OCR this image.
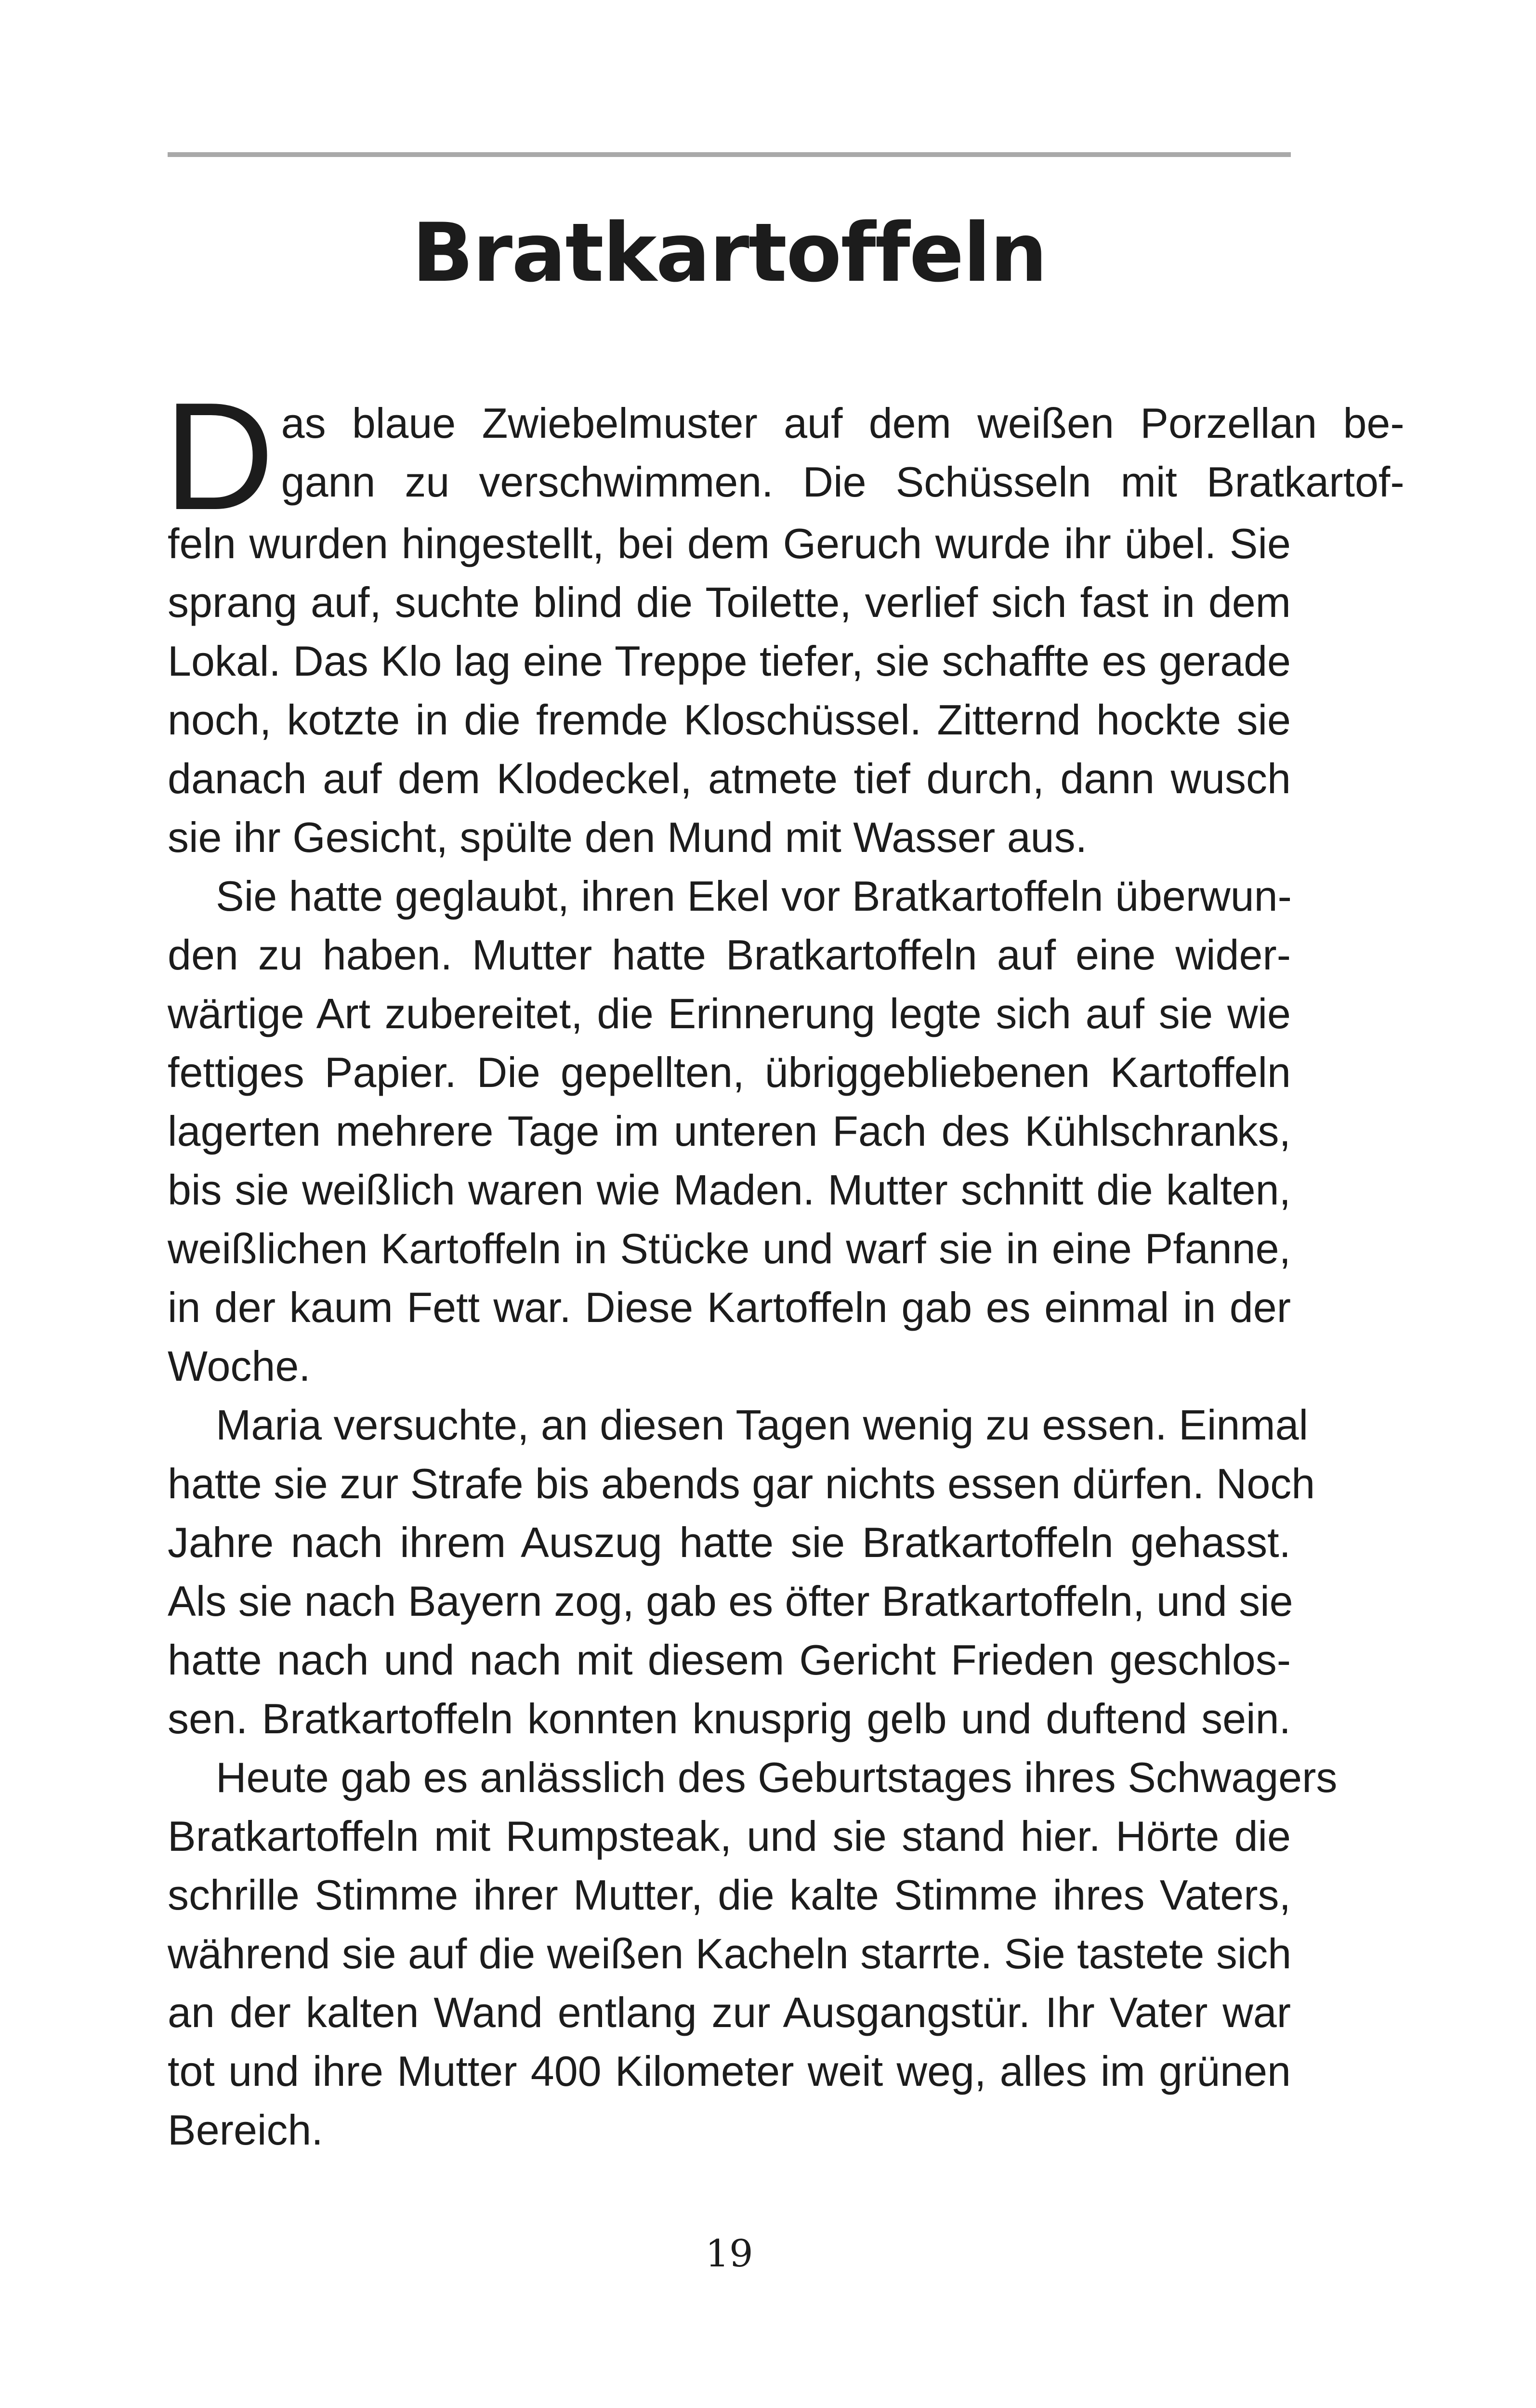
Bratkartoffeln
D as blaue Zwiebelmuster auf dem weißen Porzellan be-
gann zu verschwimmen. Die Schüsseln mit Bratkartof-
feln wurden hingestellt, bei dem Geruch wurde ihr übel. Sie
sprang auf, suchte blind die Toilette, verlief sich fast in dem
Lokal. Das Klo lag eine Treppe tiefer, sie schaffte es gerade
noch, kotzte in die fremde Kloschüssel. Zitternd hockte sie
danach auf dem Klodeckel, atmete tief durch, dann wusch
sie ihr Gesicht, spülte den Mund mit Wasser aus.
Sie hatte geglaubt, ihren Ekel vor Bratkartoffeln überwun-
den zu haben. Mutter hatte Bratkartoffeln auf eine wider-
wärtige Art zubereitet, die Erinnerung legte sich auf sie wie
fettiges Papier. Die gepellten, übriggebliebenen Kartoffeln
lagerten mehrere Tage im unteren Fach des Kühlschranks,
bis sie weißlich waren wie Maden. Mutter schnitt die kalten,
weißlichen Kartoffeln in Stücke und warf sie in eine Pfanne,
in der kaum Fett war. Diese Kartoffeln gab es einmal in der
Woche.
Maria versuchte, an diesen Tagen wenig zu essen. Einmal
hatte sie zur Strafe bis abends gar nichts essen dürfen. Noch
Jahre nach ihrem Auszug hatte sie Bratkartoffeln gehasst.
Als sie nach Bayern zog, gab es öfter Bratkartoffeln, und sie
hatte nach und nach mit diesem Gericht Frieden geschlos-
sen. Bratkartoffeln konnten knusprig gelb und duftend sein.
Heute gab es anlässlich des Geburtstages ihres Schwagers
Bratkartoffeln mit Rumpsteak, und sie stand hier. Hörte die
schrille Stimme ihrer Mutter, die kalte Stimme ihres Vaters,
während sie auf die weißen Kacheln starrte. Sie tastete sich
an der kalten Wand entlang zur Ausgangstür. Ihr Vater war
tot und ihre Mutter 400 Kilometer weit weg, alles im grünen
Bereich.
19
